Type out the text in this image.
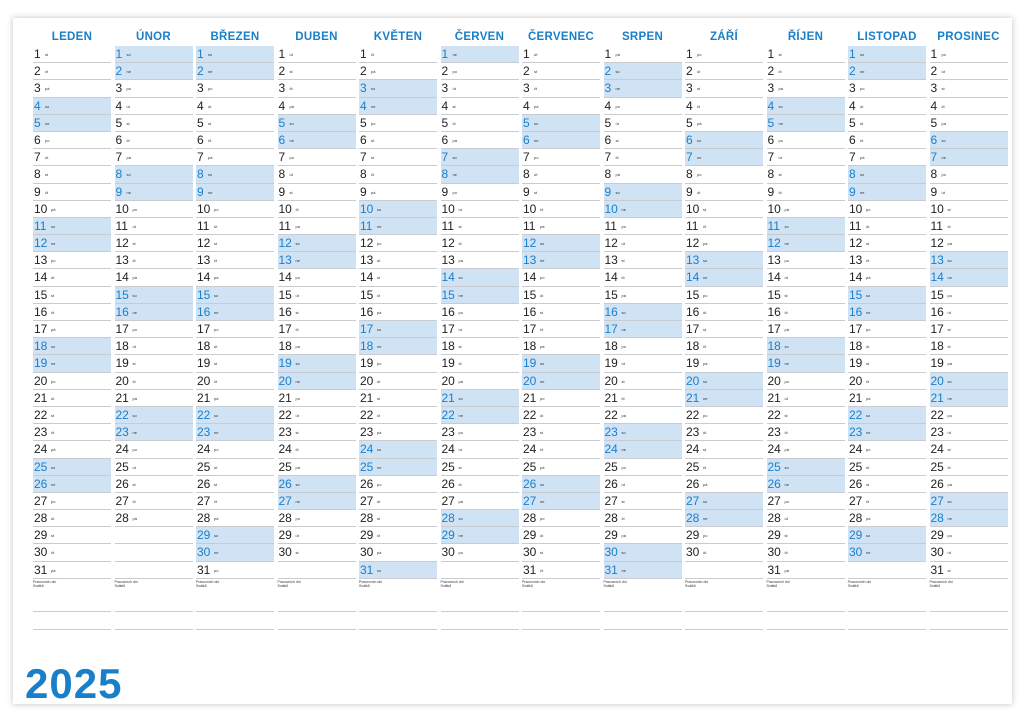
LEDEN
1 st
2 čt
3 pá
4 so
5 ne
6 po
7 út
8 st
9 čt
10 pá
11 so
12 ne
13 po
14 út
15 st
16 čt
17 pá
18 so
19 ne
20 po
21 út
22 st
23 čt
24 pá
25 so
26 ne
27 po
28 út
29 st
30 čt
31 pá
Pracovních dní
Svátků
ÚNOR
1 so
2 ne
3 po
4 út
5 st
6 čt
7 pá
8 so
9 ne
10 po
11 út
12 st
13 čt
14 pá
15 so
16 ne
17 po
18 út
19 st
20 čt
21 pá
22 so
23 ne
24 po
25 út
26 st
27 čt
28 pá
Pracovních dní
Svátků
BŘEZEN
1 so
2 ne
3 po
4 út
5 st
6 čt
7 pá
8 so
9 ne
10 po
11 út
12 st
13 čt
14 pá
15 so
16 ne
17 po
18 út
19 st
20 čt
21 pá
22 so
23 ne
24 po
25 út
26 st
27 čt
28 pá
29 so
30 ne
31 po
Pracovních dní
Svátků
DUBEN
1 út
2 st
3 čt
4 pá
5 so
6 ne
7 po
8 út
9 st
10 čt
11 pá
12 so
13 ne
14 po
15 út
16 st
17 čt
18 pá
19 so
20 ne
21 po
22 út
23 st
24 čt
25 pá
26 so
27 ne
28 po
29 út
30 st
Pracovních dní
Svátků
KVĚTEN
1 čt
2 pá
3 so
4 ne
5 po
6 út
7 st
8 čt
9 pá
10 so
11 ne
12 po
13 út
14 st
15 čt
16 pá
17 so
18 ne
19 po
20 út
21 st
22 čt
23 pá
24 so
25 ne
26 po
27 út
28 st
29 čt
30 pá
31 so
Pracovních dní
Svátků
ČERVEN
1 ne
2 po
3 út
4 st
5 čt
6 pá
7 so
8 ne
9 po
10 út
11 st
12 čt
13 pá
14 so
15 ne
16 po
17 út
18 st
19 čt
20 pá
21 so
22 ne
23 po
24 út
25 st
26 čt
27 pá
28 so
29 ne
30 po
Pracovních dní
Svátků
ČERVENEC
1 út
2 st
3 čt
4 pá
5 so
6 ne
7 po
8 út
9 st
10 čt
11 pá
12 so
13 ne
14 po
15 út
16 st
17 čt
18 pá
19 so
20 ne
21 po
22 út
23 st
24 čt
25 pá
26 so
27 ne
28 po
29 út
30 st
31 čt
Pracovních dní
Svátků
SRPEN
1 pá
2 so
3 ne
4 po
5 út
6 st
7 čt
8 pá
9 so
10 ne
11 po
12 út
13 st
14 čt
15 pá
16 so
17 ne
18 po
19 út
20 st
21 čt
22 pá
23 so
24 ne
25 po
26 út
27 st
28 čt
29 pá
30 so
31 ne
Pracovních dní
Svátků
ZÁŘÍ
1 po
2 út
3 st
4 čt
5 pá
6 so
7 ne
8 po
9 út
10 st
11 čt
12 pá
13 so
14 ne
15 po
16 út
17 st
18 čt
19 pá
20 so
21 ne
22 po
23 út
24 st
25 čt
26 pá
27 so
28 ne
29 po
30 út
Pracovních dní
Svátků
ŘÍJEN
1 st
2 čt
3 pá
4 so
5 ne
6 po
7 út
8 st
9 čt
10 pá
11 so
12 ne
13 po
14 út
15 st
16 čt
17 pá
18 so
19 ne
20 po
21 út
22 st
23 čt
24 pá
25 so
26 ne
27 po
28 út
29 st
30 čt
31 pá
Pracovních dní
Svátků
LISTOPAD
1 so
2 ne
3 po
4 út
5 st
6 čt
7 pá
8 so
9 ne
10 po
11 út
12 st
13 čt
14 pá
15 so
16 ne
17 po
18 út
19 st
20 čt
21 pá
22 so
23 ne
24 po
25 út
26 st
27 čt
28 pá
29 so
30 ne
Pracovních dní
Svátků
PROSINEC
1 po
2 út
3 st
4 čt
5 pá
6 so
7 ne
8 po
9 út
10 st
11 čt
12 pá
13 so
14 ne
15 po
16 út
17 st
18 čt
19 pá
20 so
21 ne
22 po
23 út
24 st
25 čt
26 pá
27 so
28 ne
29 po
30 út
31 st
Pracovních dní
Svátků
2025
